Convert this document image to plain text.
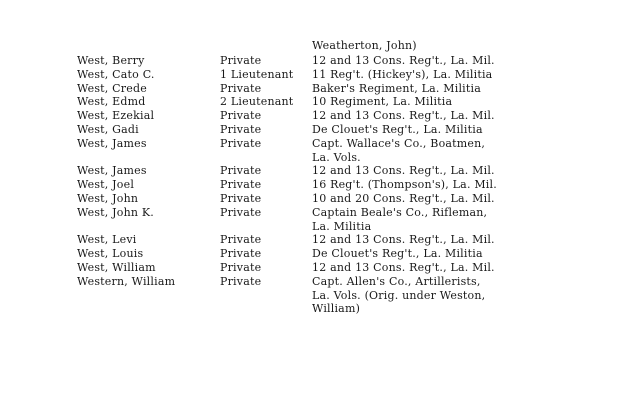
Weatherton, John)
West, Berry	Private	12 and 13 Cons. Reg't., La. Mil.
West, Cato C.	1 Lieutenant	11 Reg't. (Hickey's), La. Militia
West, Crede	Private	Baker's Regiment, La. Militia
West, Edmd	2 Lieutenant	10 Regiment, La. Militia
West, Ezekial	Private	12 and 13 Cons. Reg't., La. Mil.
West, Gadi	Private	De Clouet's Reg't., La. Militia
West, James	Private	Capt. Wallace's Co., Boatmen,
La. Vols.
West, James	Private	12 and 13 Cons. Reg't., La. Mil.
West, Joel	Private	16 Reg't. (Thompson's), La. Mil.
West, John	Private	10 and 20 Cons. Reg't., La. Mil.
West, John K.	Private	Captain Beale's Co., Rifleman,
La. Militia
West, Levi	Private	12 and 13 Cons. Reg't., La. Mil.
West, Louis	Private	De Clouet's Reg't., La. Militia
West, William	Private	12 and 13 Cons. Reg't., La. Mil.
Western, William	Private	Capt. Allen's Co., Artillerists,
La. Vols. (Orig. under Weston,
William)
